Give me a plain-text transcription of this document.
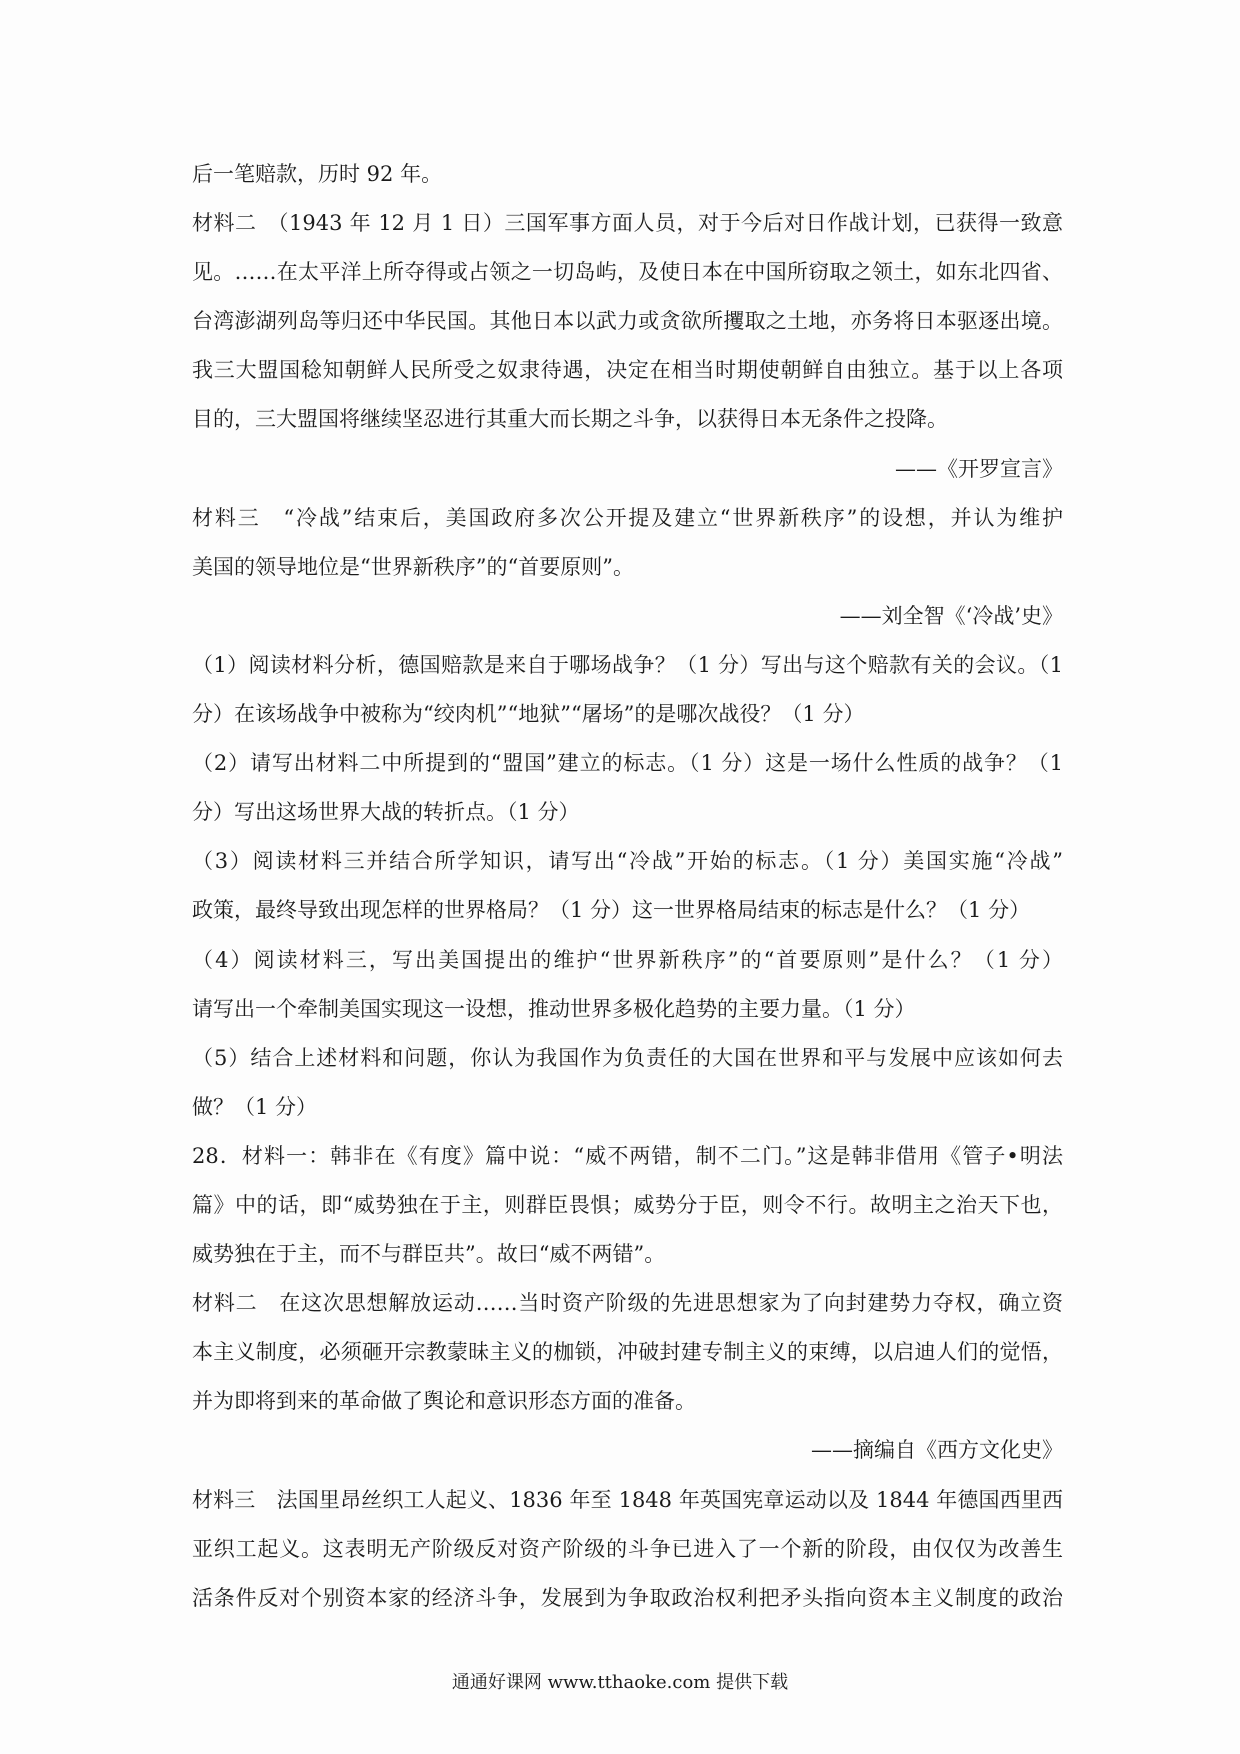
后一笔赔款，历时 92 年。
材料二　（1943 年 12 月 1 日）三国军事方面人员，对于今后对日作战计划，已获得一致意
见。……在太平洋上所夺得或占领之一切岛屿，及使日本在中国所窃取之领土，如东北四省、
台湾澎湖列岛等归还中华民国。其他日本以武力或贪欲所攫取之土地，亦务将日本驱逐出境。
我三大盟国稔知朝鲜人民所受之奴隶待遇，决定在相当时期使朝鲜自由独立。基于以上各项
目的，三大盟国将继续坚忍进行其重大而长期之斗争，以获得日本无条件之投降。
——《开罗宣言》
材料三　“冷战”结束后，美国政府多次公开提及建立“世界新秩序”的设想，并认为维护
美国的领导地位是“世界新秩序”的“首要原则”。
——刘全智《‘冷战’史》
（1）阅读材料分析，德国赔款是来自于哪场战争？（1 分）写出与这个赔款有关的会议。（1
分）在该场战争中被称为“绞肉机”“地狱”“屠场”的是哪次战役？（1 分）
（2）请写出材料二中所提到的“盟国”建立的标志。（1 分）这是一场什么性质的战争？（1
分）写出这场世界大战的转折点。（1 分）
（3）阅读材料三并结合所学知识，请写出“冷战”开始的标志。（1 分）美国实施“冷战”
政策，最终导致出现怎样的世界格局？（1 分）这一世界格局结束的标志是什么？（1 分）
（4）阅读材料三，写出美国提出的维护“世界新秩序”的“首要原则”是什么？（1 分）
请写出一个牵制美国实现这一设想，推动世界多极化趋势的主要力量。（1 分）
（5）结合上述材料和问题，你认为我国作为负责任的大国在世界和平与发展中应该如何去
做？（1 分）
28．材料一：韩非在《有度》篇中说：“威不两错，制不二门。”这是韩非借用《管子•明法
篇》中的话，即“威势独在于主，则群臣畏惧；威势分于臣，则令不行。故明主之治天下也，
威势独在于主，而不与群臣共”。故曰“威不两错”。
材料二　在这次思想解放运动……当时资产阶级的先进思想家为了向封建势力夺权，确立资
本主义制度，必须砸开宗教蒙昧主义的枷锁，冲破封建专制主义的束缚，以启迪人们的觉悟，
并为即将到来的革命做了舆论和意识形态方面的准备。
——摘编自《西方文化史》
材料三　法国里昂丝织工人起义、1836 年至 1848 年英国宪章运动以及 1844 年德国西里西
亚织工起义。这表明无产阶级反对资产阶级的斗争已进入了一个新的阶段，由仅仅为改善生
活条件反对个别资本家的经济斗争，发展到为争取政治权利把矛头指向资本主义制度的政治
通通好课网 www.tthaoke.com 提供下载
